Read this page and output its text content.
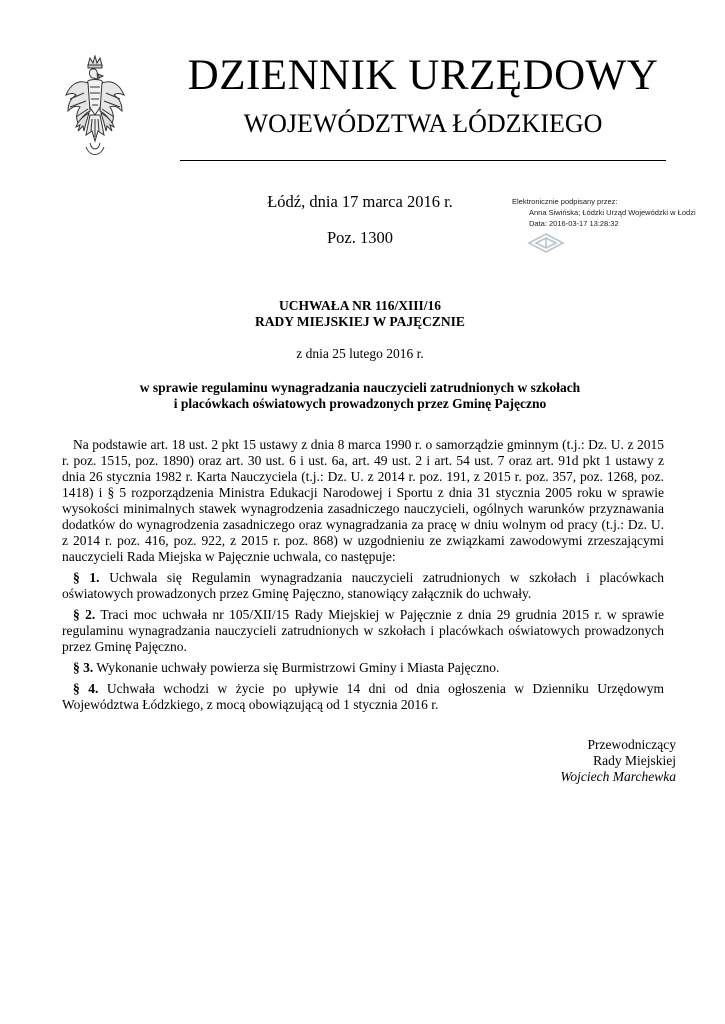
DZIENNIK URZĘDOWY
WOJEWÓDZTWA ŁÓDZKIEGO
Łódź, dnia 17 marca 2016 r.
Poz. 1300
Elektronicznie podpisany przez:
Anna Siwińska; Łódzki Urząd Wojewódzki w Łodzi
Data: 2016-03-17 13:28:32
UCHWAŁA NR 116/XIII/16
RADY MIEJSKIEJ W PAJĘCZNIE
z dnia 25 lutego 2016 r.
w sprawie regulaminu wynagradzania nauczycieli zatrudnionych w szkołach
i placówkach oświatowych prowadzonych przez Gminę Pajęczno

Na podstawie art. 18 ust. 2 pkt 15 ustawy z dnia 8 marca 1990 r. o samorządzie gminnym (t.j.: Dz. U. z 2015 r. poz. 1515, poz. 1890) oraz art. 30 ust. 6 i ust. 6a, art. 49 ust. 2 i art. 54 ust. 7 oraz art. 91d pkt 1 ustawy z dnia 26 stycznia 1982 r. Karta Nauczyciela (t.j.: Dz. U. z 2014 r. poz. 191, z 2015 r. poz. 357, poz. 1268, poz. 1418) i § 5 rozporządzenia Ministra Edukacji Narodowej i Sportu z dnia 31 stycznia 2005 roku w sprawie wysokości minimalnych stawek wynagrodzenia zasadniczego nauczycieli, ogólnych warunków przyznawania dodatków do wynagrodzenia zasadniczego oraz wynagradzania za pracę w dniu wolnym od pracy (t.j.: Dz. U. z 2014 r. poz. 416, poz. 922, z 2015 r. poz. 868) w uzgodnieniu ze związkami zawodowymi zrzeszającymi nauczycieli Rada Miejska w Pajęcznie uchwala, co następuje:

§ 1. Uchwala się Regulamin wynagradzania nauczycieli zatrudnionych w szkołach i placówkach oświatowych prowadzonych przez Gminę Pajęczno, stanowiący załącznik do uchwały.

§ 2. Traci moc uchwała nr 105/XII/15 Rady Miejskiej w Pajęcznie z dnia 29 grudnia 2015 r. w sprawie regulaminu wynagradzania nauczycieli zatrudnionych w szkołach i placówkach oświatowych prowadzonych przez Gminę Pajęczno.

§ 3. Wykonanie uchwały powierza się Burmistrzowi Gminy i Miasta Pajęczno.

§ 4. Uchwała wchodzi w życie po upływie 14 dni od dnia ogłoszenia w Dzienniku Urzędowym Województwa Łódzkiego, z mocą obowiązującą od 1 stycznia 2016 r.

Przewodniczący
Rady Miejskiej
Wojciech Marchewka
